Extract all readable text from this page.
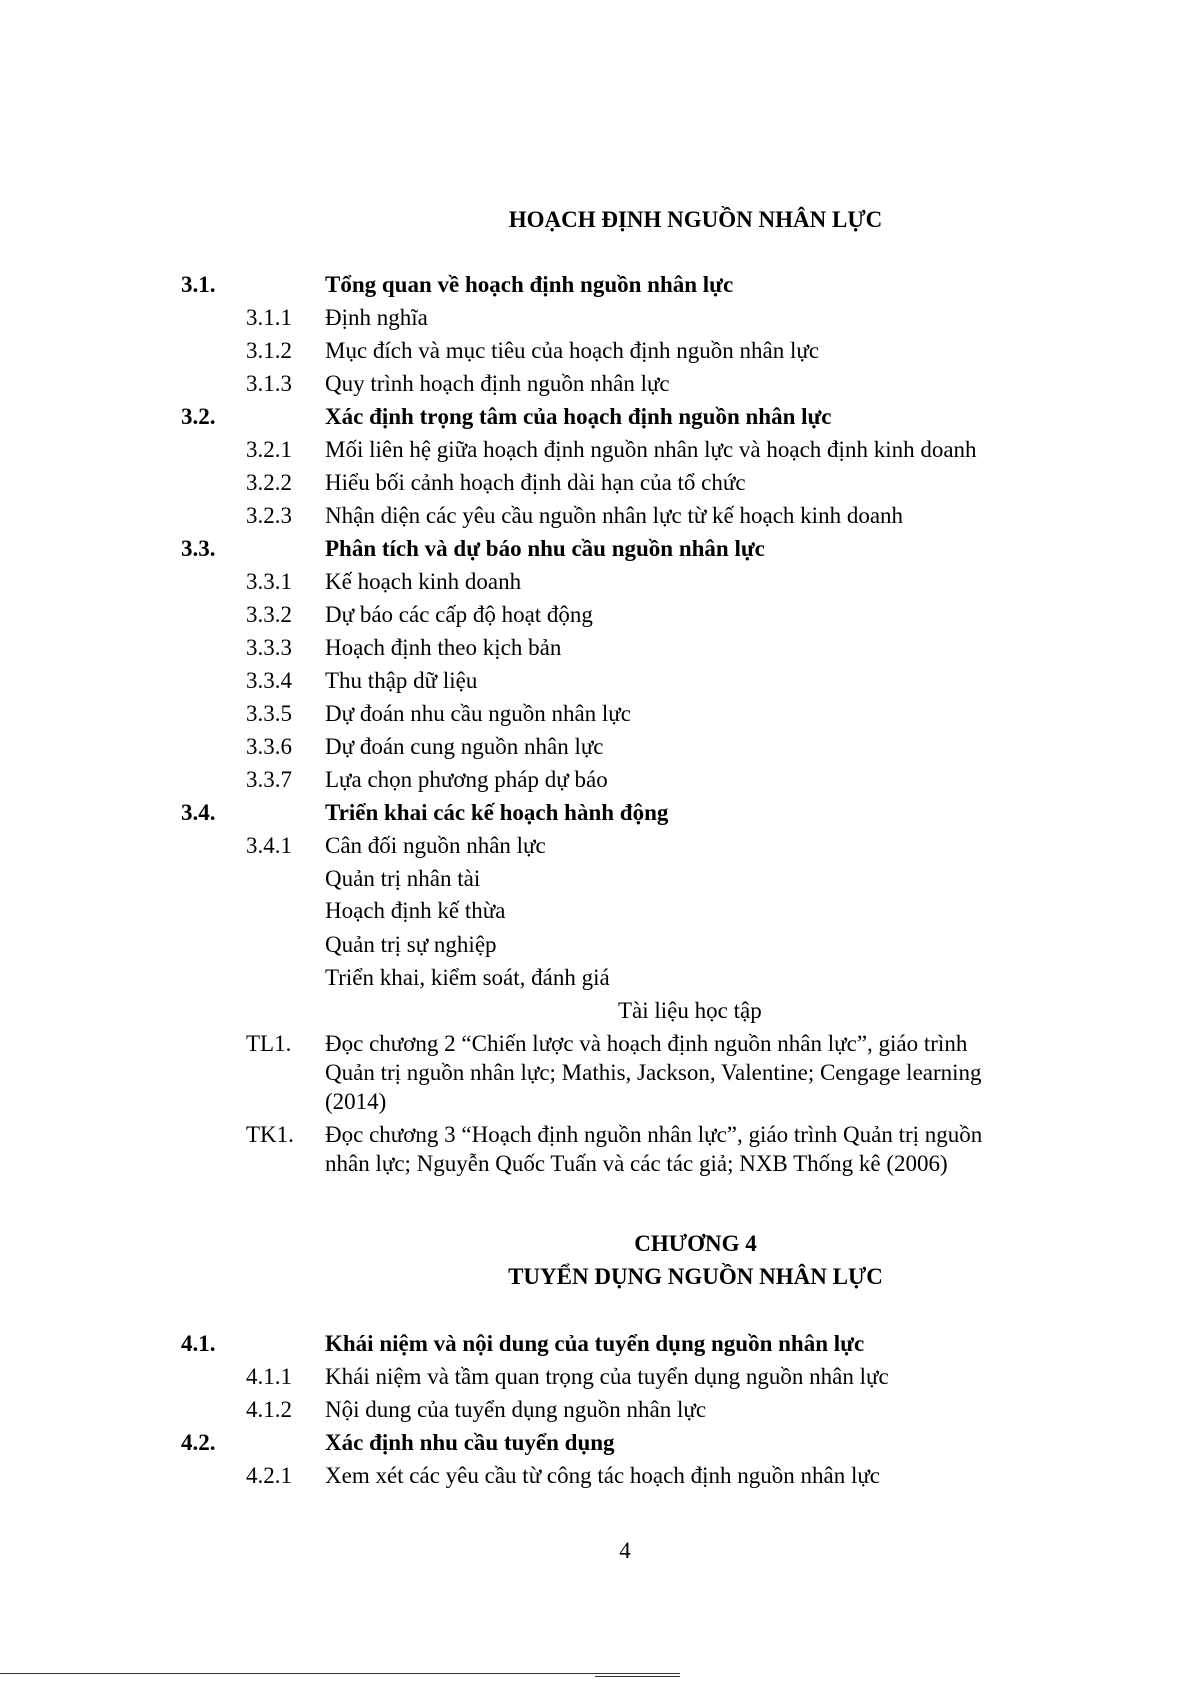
HOẠCH ĐỊNH NGUỒN NHÂN LỰC
3.1.	Tổng quan về hoạch định nguồn nhân lực
3.1.1 Định nghĩa
3.1.2 Mục đích và mục tiêu của hoạch định nguồn nhân lực
3.1.3 Quy trình hoạch định nguồn nhân lực
3.2.	Xác định trọng tâm của hoạch định nguồn nhân lực
3.2.1 Mối liên hệ giữa hoạch định nguồn nhân lực và hoạch định kinh doanh
3.2.2 Hiểu bối cảnh hoạch định dài hạn của tổ chức
3.2.3 Nhận diện các yêu cầu nguồn nhân lực từ kế hoạch kinh doanh
3.3.	Phân tích và dự báo nhu cầu nguồn nhân lực
3.3.1 Kế hoạch kinh doanh
3.3.2 Dự báo các cấp độ hoạt động
3.3.3 Hoạch định theo kịch bản
3.3.4 Thu thập dữ liệu
3.3.5 Dự đoán nhu cầu nguồn nhân lực
3.3.6 Dự đoán cung nguồn nhân lực
3.3.7 Lựa chọn phương pháp dự báo
3.4.	Triển khai các kế hoạch hành động
3.4.1 Cân đối nguồn nhân lực
Quản trị nhân tài
Hoạch định kế thừa
Quản trị sự nghiệp
Triển khai, kiểm soát, đánh giá
Tài liệu học tập
TL1. Đọc chương 2 “Chiến lược và hoạch định nguồn nhân lực”, giáo trình
Quản trị nguồn nhân lực; Mathis, Jackson, Valentine; Cengage learning
(2014)
TK1. Đọc chương 3 “Hoạch định nguồn nhân lực”, giáo trình Quản trị nguồn
nhân lực; Nguyễn Quốc Tuấn và các tác giả; NXB Thống kê (2006)
CHƯƠNG 4
TUYỂN DỤNG NGUỒN NHÂN LỰC
4.1.	Khái niệm và nội dung của tuyển dụng nguồn nhân lực
4.1.1 Khái niệm và tầm quan trọng của tuyển dụng nguồn nhân lực
4.1.2 Nội dung của tuyển dụng nguồn nhân lực
4.2.	Xác định nhu cầu tuyển dụng
4.2.1 Xem xét các yêu cầu từ công tác hoạch định nguồn nhân lực
4
